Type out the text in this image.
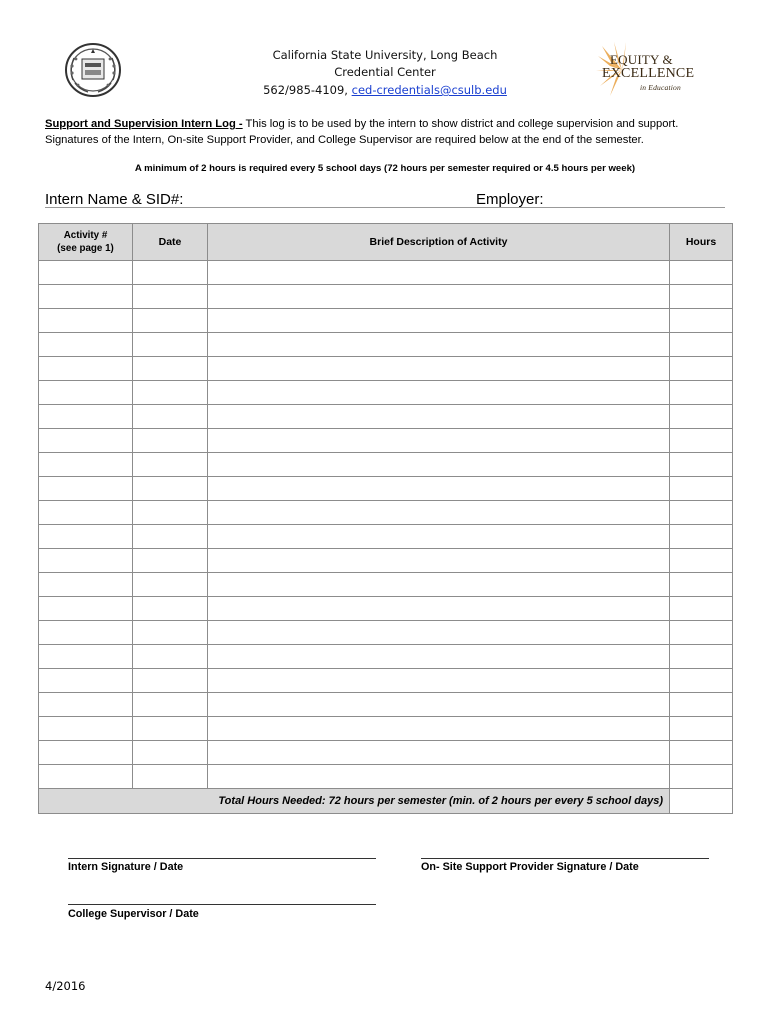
California State University, Long Beach
Credential Center
562/985-4109, ced-credentials@csulb.edu
EQUITY &
EXCELLENCE
in Education
Support and Supervision Intern Log - This log is to be used by the intern to show district and college supervision and support. Signatures of the Intern, On-site Support Provider, and College Supervisor are required below at the end of the semester.
A minimum of 2 hours is required every 5 school days (72 hours per semester required or 4.5 hours per week)
Intern Name & SID#:	Employer:
Activity #
(see page 1)	Date	Brief Description of Activity	Hours

Total Hours Needed: 72 hours per semester (min. of 2 hours per every 5 school days)			
Intern Signature / Date	On- Site Support Provider Signature / Date
College Supervisor / Date
4/2016
